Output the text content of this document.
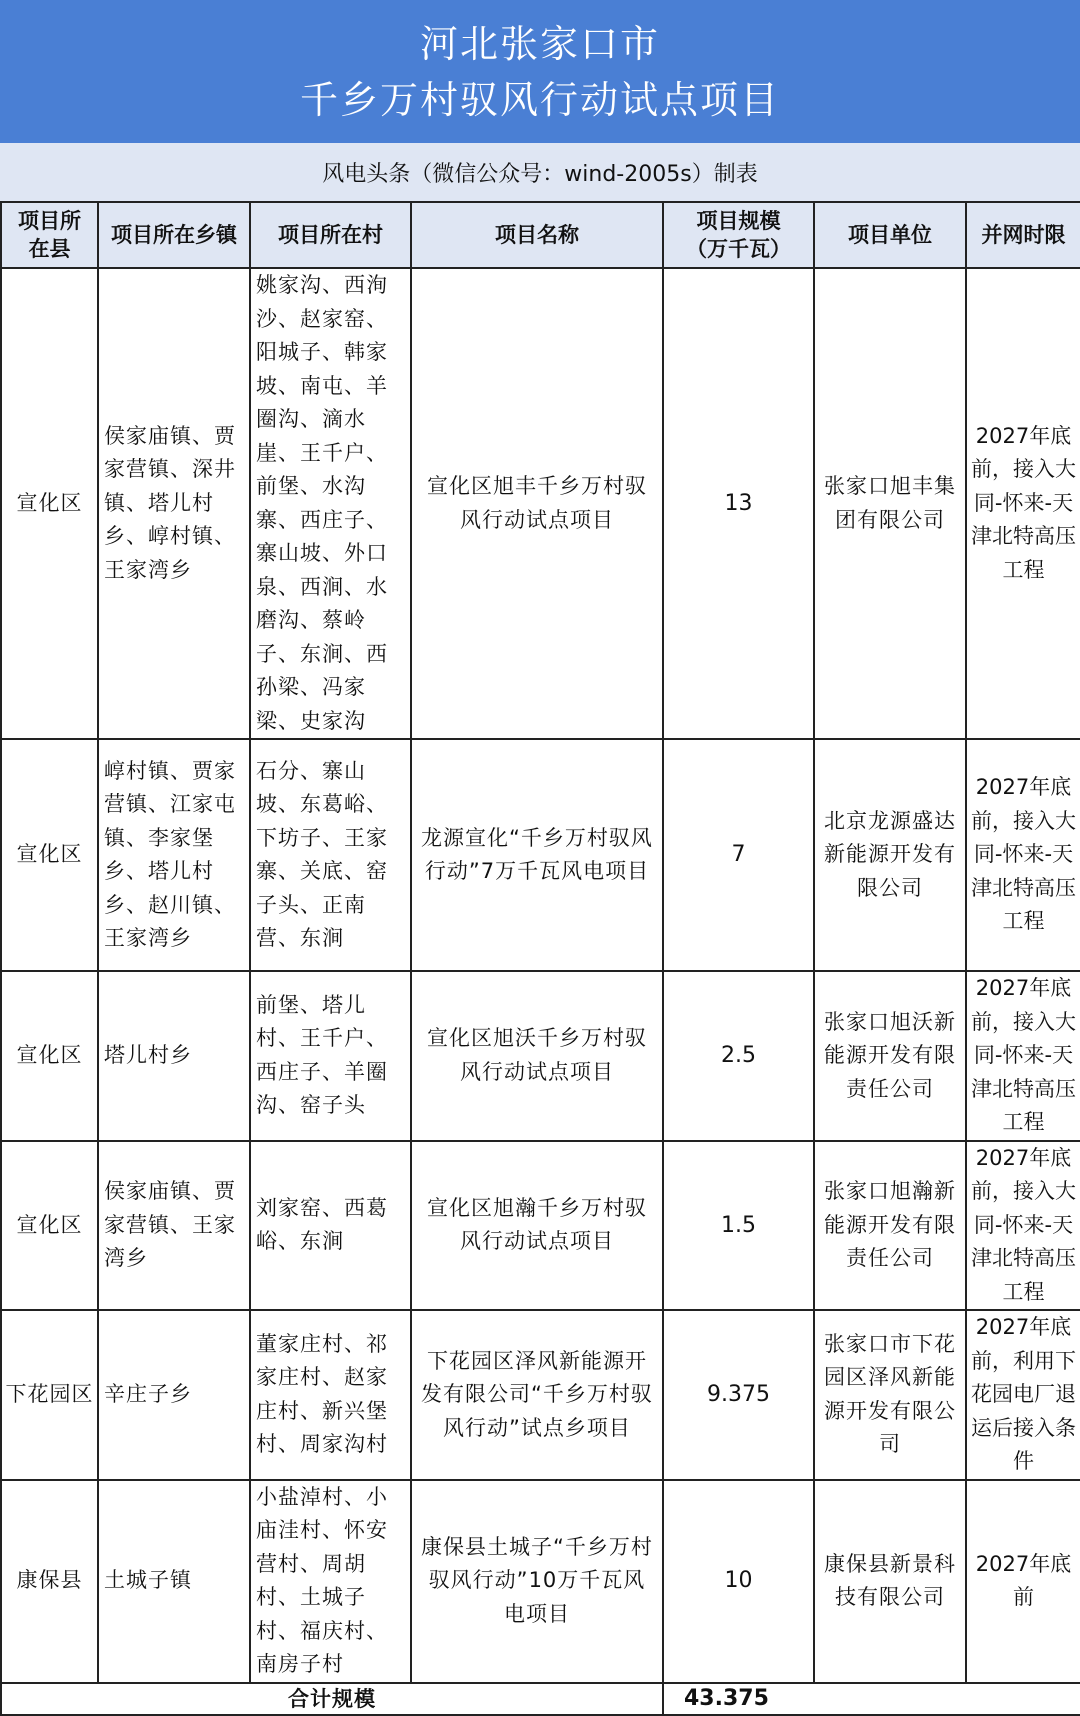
河北张家口市
千乡万村驭风行动试点项目
风电头条（微信公众号：wind-2005s）制表
项目所在县	项目所在乡镇	项目所在村	项目名称	项目规模（万千瓦）	项目单位	并网时限
宣化区	侯家庙镇、贾家营镇、深井镇、塔儿村乡、崞村镇、王家湾乡	姚家沟、西洵沙、赵家窑、阳城子、韩家坡、南屯、羊圈沟、滴水崖、王千户、前堡、水沟寨、西庄子、寨山坡、外口泉、西涧、水磨沟、蔡岭子、东涧、西孙梁、冯家梁、史家沟	宣化区旭丰千乡万村驭风行动试点项目	13	张家口旭丰集团有限公司	2027年底前，接入大同-怀来-天津北特高压工程
宣化区	崞村镇、贾家营镇、江家屯镇、李家堡乡、塔儿村乡、赵川镇、王家湾乡	石分、寨山坡、东葛峪、下坊子、王家寨、关底、窑子头、正南营、东涧	龙源宣化“千乡万村驭风行动”7万千瓦风电项目	7	北京龙源盛达新能源开发有限公司	2027年底前，接入大同-怀来-天津北特高压工程
宣化区	塔儿村乡	前堡、塔儿村、王千户、西庄子、羊圈沟、窑子头	宣化区旭沃千乡万村驭风行动试点项目	2.5	张家口旭沃新能源开发有限责任公司	2027年底前，接入大同-怀来-天津北特高压工程
宣化区	侯家庙镇、贾家营镇、王家湾乡	刘家窑、西葛峪、东涧	宣化区旭瀚千乡万村驭风行动试点项目	1.5	张家口旭瀚新能源开发有限责任公司	2027年底前，接入大同-怀来-天津北特高压工程
下花园区	辛庄子乡	董家庄村、祁家庄村、赵家庄村、新兴堡村、周家沟村	下花园区泽风新能源开发有限公司“千乡万村驭风行动”试点乡项目	9.375	张家口市下花园区泽风新能源开发有限公司	2027年底前，利用下花园电厂退运后接入条件
康保县	土城子镇	小盐淖村、小庙洼村、怀安营村、周胡村、土城子村、福庆村、南房子村	康保县土城子“千乡万村驭风行动”10万千瓦风电项目	10	康保县新景科技有限公司	2027年底前
合计规模				43.375		
